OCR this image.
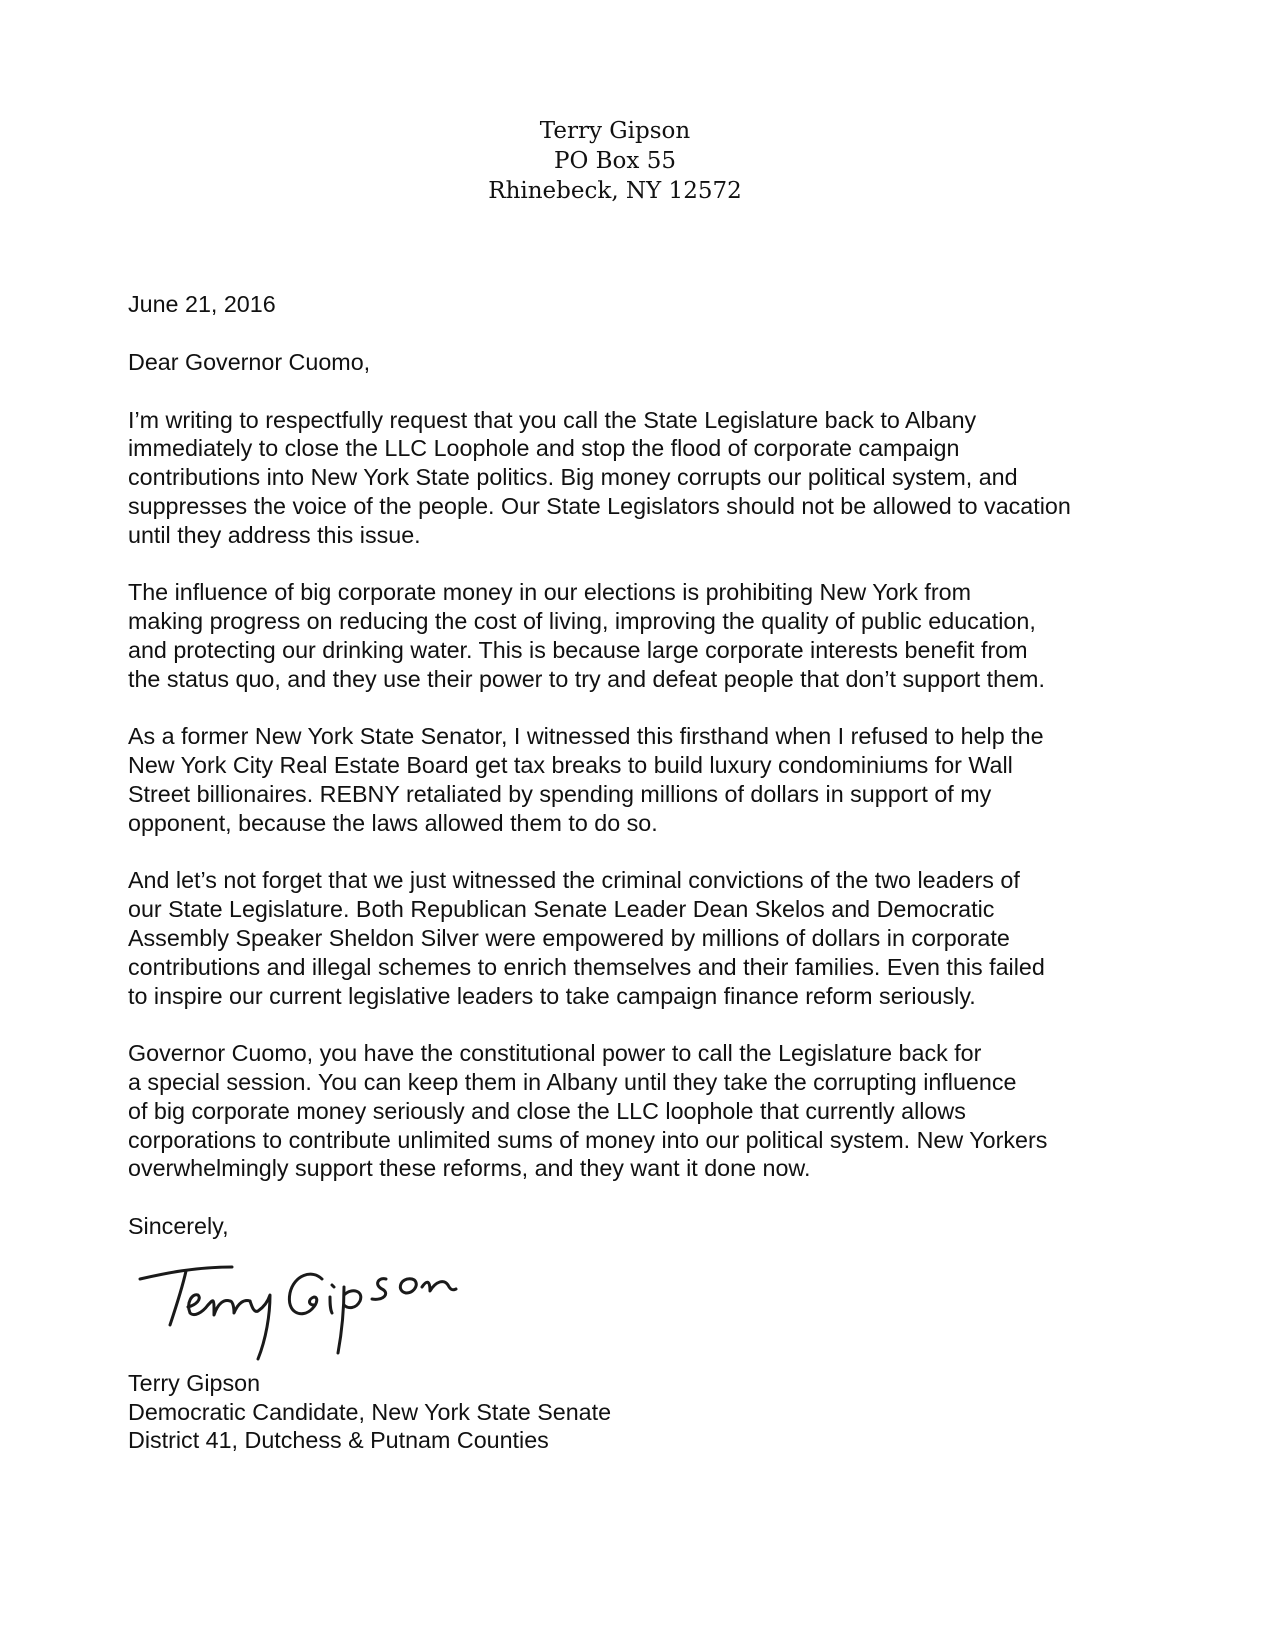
Terry Gipson
PO Box 55
Rhinebeck, NY 12572
June 21, 2016
Dear Governor Cuomo,
I’m writing to respectfully request that you call the State Legislature back to Albany
immediately to close the LLC Loophole and stop the flood of corporate campaign
contributions into New York State politics. Big money corrupts our political system, and
suppresses the voice of the people. Our State Legislators should not be allowed to vacation
until they address this issue.
The influence of big corporate money in our elections is prohibiting New York from
making progress on reducing the cost of living, improving the quality of public education,
and protecting our drinking water. This is because large corporate interests benefit from
the status quo, and they use their power to try and defeat people that don’t support them.
As a former New York State Senator, I witnessed this firsthand when I refused to help the
New York City Real Estate Board get tax breaks to build luxury condominiums for Wall
Street billionaires. REBNY retaliated by spending millions of dollars in support of my
opponent, because the laws allowed them to do so.
And let’s not forget that we just witnessed the criminal convictions of the two leaders of
our State Legislature. Both Republican Senate Leader Dean Skelos and Democratic
Assembly Speaker Sheldon Silver were empowered by millions of dollars in corporate
contributions and illegal schemes to enrich themselves and their families. Even this failed
to inspire our current legislative leaders to take campaign finance reform seriously.
Governor Cuomo, you have the constitutional power to call the Legislature back for
a special session. You can keep them in Albany until they take the corrupting influence
of big corporate money seriously and close the LLC loophole that currently allows
corporations to contribute unlimited sums of money into our political system. New Yorkers
overwhelmingly support these reforms, and they want it done now.
Sincerely,
Terry Gipson
Democratic Candidate, New York State Senate
District 41, Dutchess & Putnam Counties
